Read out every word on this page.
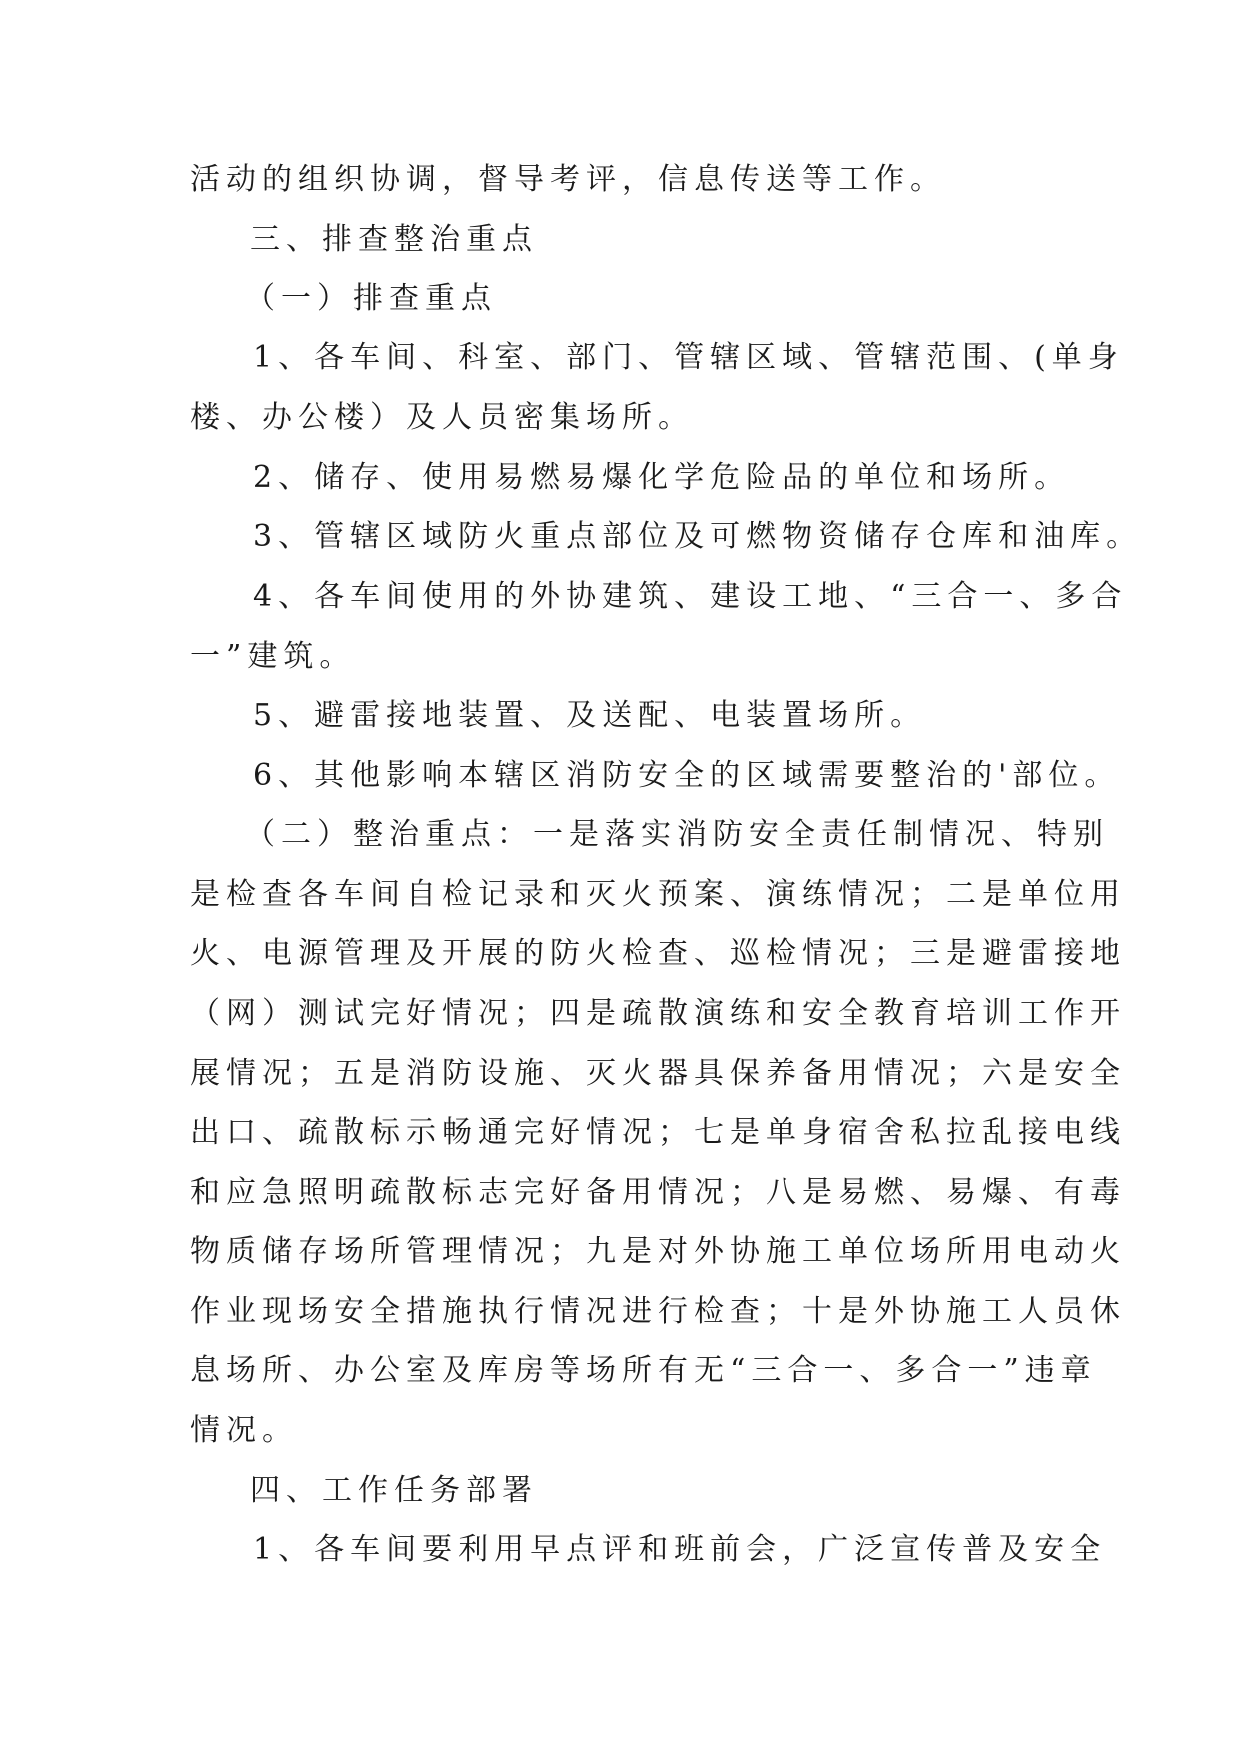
活动的组织协调，督导考评，信息传送等工作。
三、排查整治重点
（一）排查重点
1、各车间、科室、部门、管辖区域、管辖范围、(单身
楼、办公楼）及人员密集场所。
2、储存、使用易燃易爆化学危险品的单位和场所。
3、管辖区域防火重点部位及可燃物资储存仓库和油库。
4、各车间使用的外协建筑、建设工地、“三合一、多合
一”建筑。
5、避雷接地装置、及送配、电装置场所。
6、其他影响本辖区消防安全的区域需要整治的'部位。
（二）整治重点：一是落实消防安全责任制情况、特别
是检查各车间自检记录和灭火预案、演练情况；二是单位用
火、电源管理及开展的防火检查、巡检情况；三是避雷接地
（网）测试完好情况；四是疏散演练和安全教育培训工作开
展情况；五是消防设施、灭火器具保养备用情况；六是安全
出口、疏散标示畅通完好情况；七是单身宿舍私拉乱接电线
和应急照明疏散标志完好备用情况；八是易燃、易爆、有毒
物质储存场所管理情况；九是对外协施工单位场所用电动火
作业现场安全措施执行情况进行检查；十是外协施工人员休
息场所、办公室及库房等场所有无“三合一、多合一”违章
情况。
四、工作任务部署
1、各车间要利用早点评和班前会，广泛宣传普及安全
